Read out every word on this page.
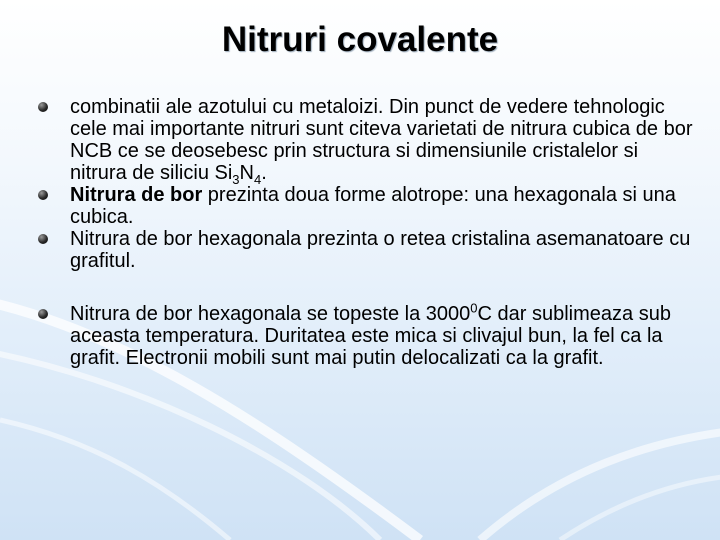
Nitruri covalente
combinatii ale azotului cu metaloizi. Din punct de vedere tehnologic cele mai importante nitruri sunt citeva varietati de nitrura cubica de bor NCB ce se deosebesc prin structura si dimensiunile cristalelor si nitrura de siliciu $Si_3N_4$.
Nitrura de bor prezinta doua forme alotrope: una hexagonala si una cubica.
Nitrura de bor hexagonala prezinta o retea cristalina asemanatoare cu grafitul.
Nitrura de bor hexagonala se topeste la 3000$^0$C dar sublimeaza sub aceasta temperatura. Duritatea este mica si clivajul bun, la fel ca la grafit. Electronii mobili sunt mai putin delocalizati ca la grafit.
